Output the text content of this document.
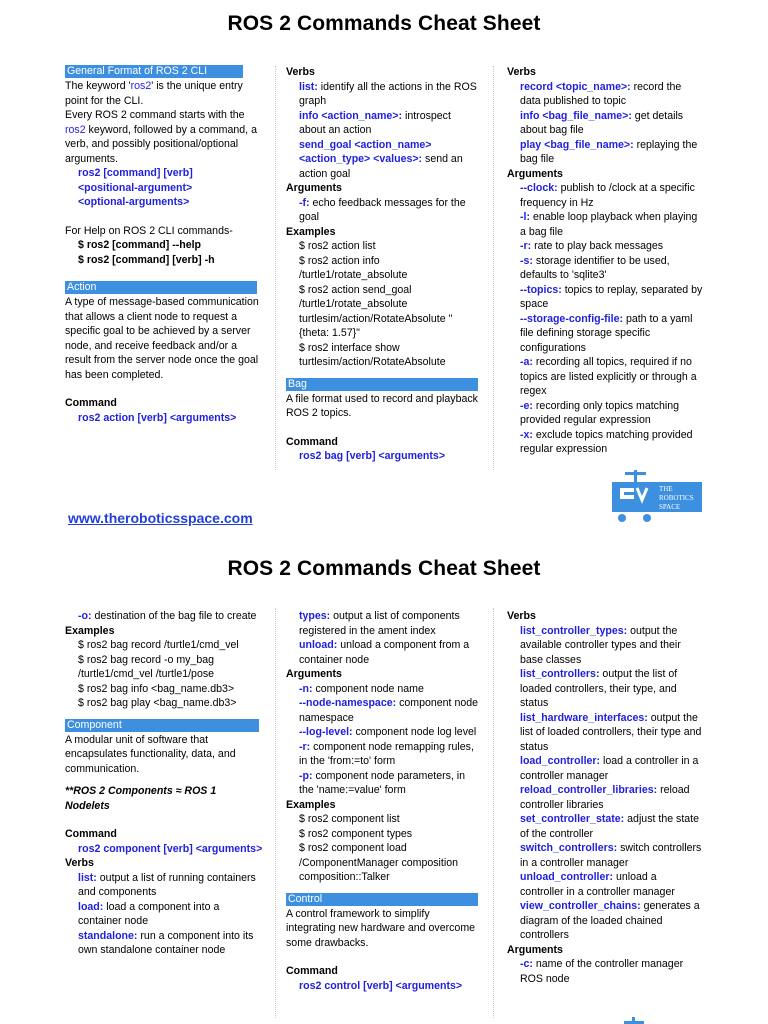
ROS 2 Commands Cheat Sheet
General Format of ROS 2 CLI
The keyword 'ros2' is the unique entry point for the CLI.
Every ROS 2 command starts with the ros2 keyword, followed by a command, a verb, and possibly positional/optional arguments.
ros2 [command] [verb]
<positional-argument>
<optional-arguments>
For Help on ROS 2 CLI commands-
$ ros2 [command] --help
$ ros2 [command] [verb] -h
Action
A type of message-based communication that allows a client node to request a specific goal to be achieved by a server node, and receive feedback and/or a result from the server node once the goal has been completed.
Command
ros2 action [verb] <arguments>
Verbs
list: identify all the actions in the ROS graph
info <action_name>: introspect about an action
send_goal <action_name> <action_type> <values>: send an action goal
Arguments
-f: echo feedback messages for the goal
Examples
$ ros2 action list
$ ros2 action info /turtle1/rotate_absolute
$ ros2 action send_goal /turtle1/rotate_absolute turtlesim/action/RotateAbsolute "{theta: 1.57}"
$ ros2 interface show turtlesim/action/RotateAbsolute
Bag
A file format used to record and playback ROS 2 topics.
Command
ros2 bag [verb] <arguments>
Verbs
record <topic_name>: record the data published to topic
info <bag_file_name>: get details about bag file
play <bag_file_name>: replaying the bag file
Arguments
--clock: publish to /clock at a specific frequency in Hz
-l: enable loop playback when playing a bag file
-r: rate to play back messages
-s: storage identifier to be used, defaults to 'sqlite3'
--topics: topics to replay, separated by space
--storage-config-file: path to a yaml file defining storage specific configurations
-a: recording all topics, required if no topics are listed explicitly or through a regex
-e: recording only topics matching provided regular expression
-x: exclude topics matching provided regular expression
THE
ROBOTICS
SPACE
www.theroboticsspace.com
ROS 2 Commands Cheat Sheet
-o: destination of the bag file to create
Examples
$ ros2 bag record /turtle1/cmd_vel
$ ros2 bag record -o my_bag /turtle1/cmd_vel /turtle1/pose
$ ros2 bag info <bag_name.db3>
$ ros2 bag play <bag_name.db3>
Component
A modular unit of software that encapsulates functionality, data, and communication.
**ROS 2 Components ≈ ROS 1 Nodelets
Command
ros2 component [verb] <arguments>
Verbs
list: output a list of running containers and components
load: load a component into a container node
standalone: run a component into its own standalone container node
types: output a list of components registered in the ament index
unload: unload a component from a container node
Arguments
-n: component node name
--node-namespace: component node namespace
--log-level: component node log level
-r: component node remapping rules, in the 'from:=to' form
-p: component node parameters, in the 'name:=value' form
Examples
$ ros2 component list
$ ros2 component types
$ ros2 component load /ComponentManager composition composition::Talker
Control
A control framework to simplify integrating new hardware and overcome some drawbacks.
Command
ros2 control [verb] <arguments>
Verbs
list_controller_types: output the available controller types and their base classes
list_controllers: output the list of loaded controllers, their type, and status
list_hardware_interfaces: output the list of loaded controllers, their type and status
load_controller: load a controller in a controller manager
reload_controller_libraries: reload controller libraries
set_controller_state: adjust the state of the controller
switch_controllers: switch controllers in a controller manager
unload_controller: unload a controller in a controller manager
view_controller_chains: generates a diagram of the loaded chained controllers
Arguments
-c: name of the controller manager ROS node
